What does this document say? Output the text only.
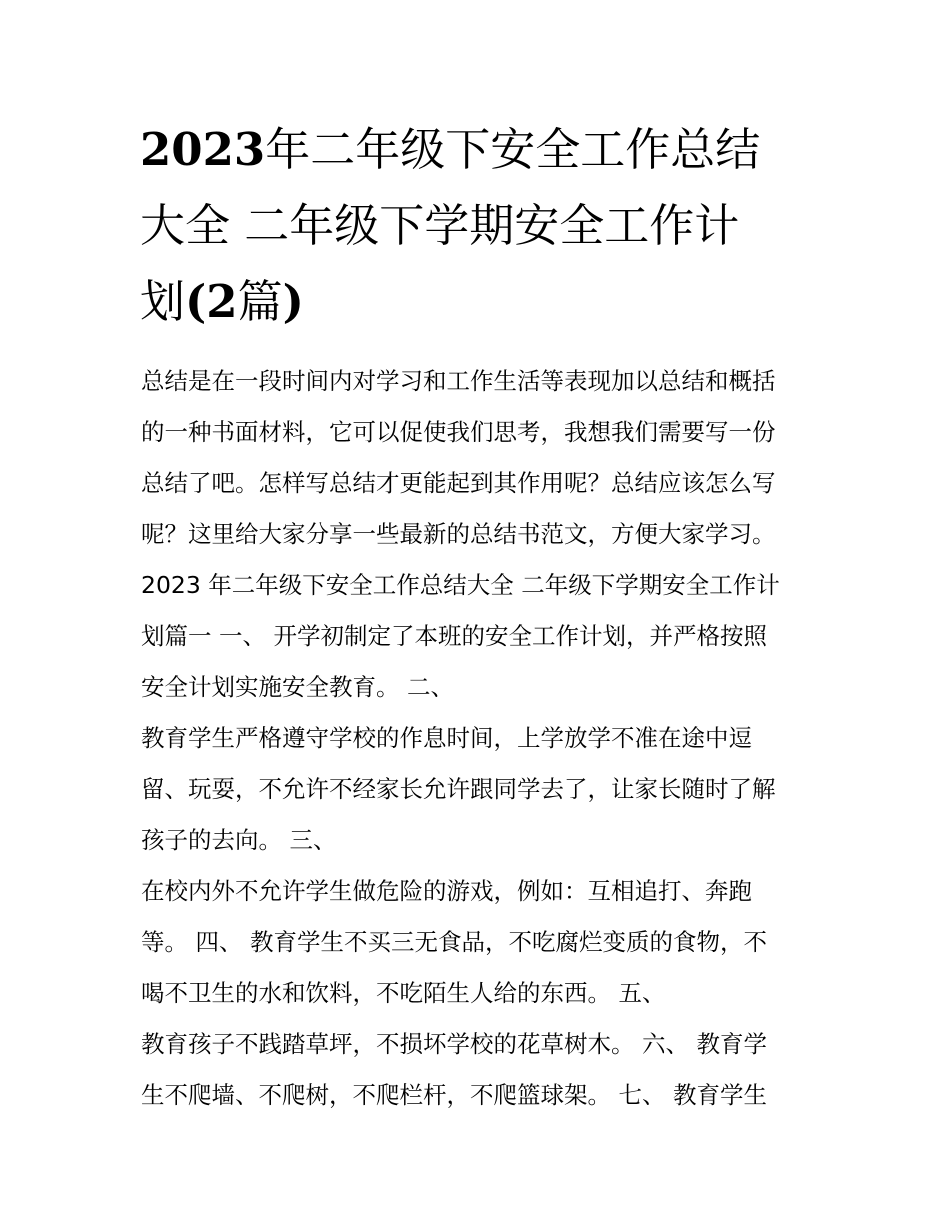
2023年二年级下安全工作总结
大全 二年级下学期安全工作计
划(2篇)
总结是在一段时间内对学习和工作生活等表现加以总结和概括
的一种书面材料，它可以促使我们思考，我想我们需要写一份
总结了吧。怎样写总结才更能起到其作用呢？总结应该怎么写
呢？这里给大家分享一些最新的总结书范文，方便大家学习。
2023 年二年级下安全工作总结大全 二年级下学期安全工作计
划篇一 一、 开学初制定了本班的安全工作计划，并严格按照
安全计划实施安全教育。 二、
教育学生严格遵守学校的作息时间，上学放学不准在途中逗
留、玩耍，不允许不经家长允许跟同学去了，让家长随时了解
孩子的去向。 三、
在校内外不允许学生做危险的游戏，例如：互相追打、奔跑
等。 四、 教育学生不买三无食品，不吃腐烂变质的食物，不
喝不卫生的水和饮料，不吃陌生人给的东西。 五、
教育孩子不践踏草坪，不损坏学校的花草树木。 六、 教育学
生不爬墙、不爬树，不爬栏杆，不爬篮球架。 七、 教育学生
